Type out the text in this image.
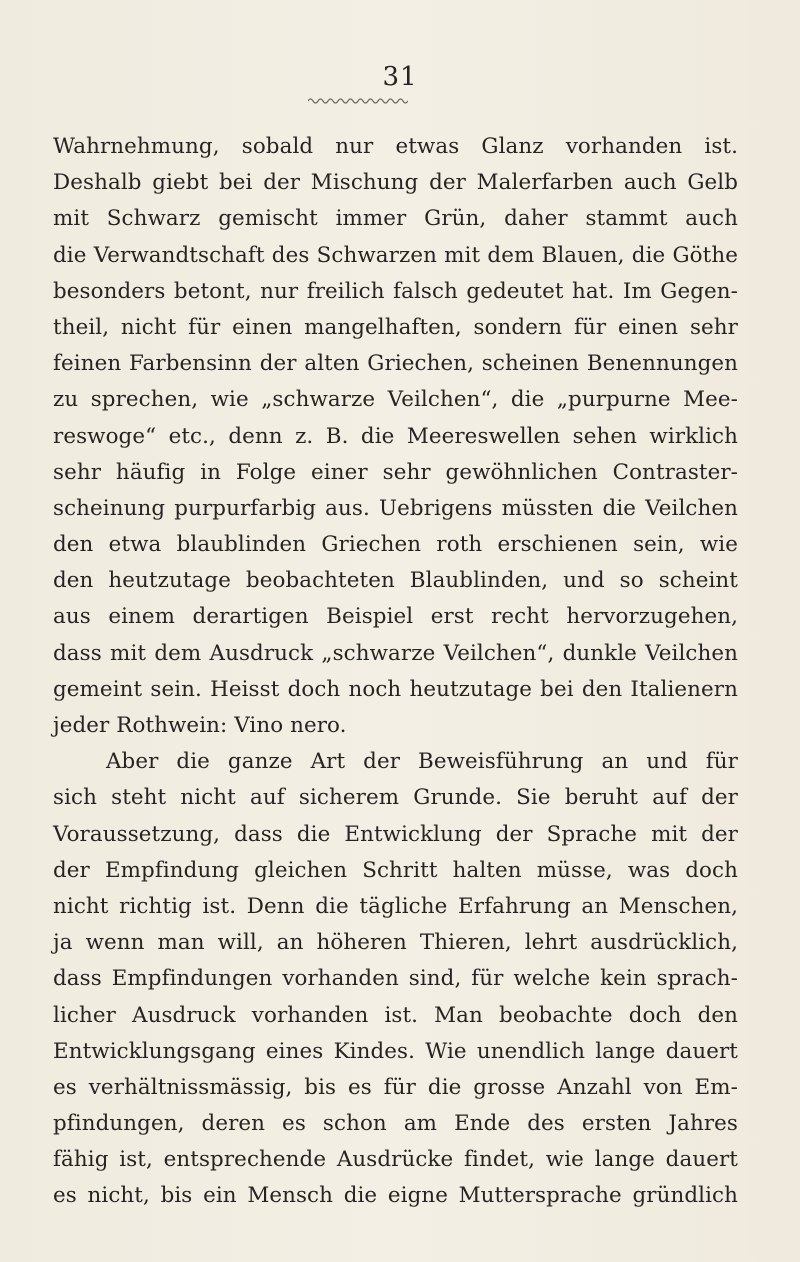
31
Wahrnehmung, sobald nur etwas Glanz vorhanden ist.
Deshalb giebt bei der Mischung der Malerfarben auch Gelb
mit Schwarz gemischt immer Grün, daher stammt auch
die Verwandtschaft des Schwarzen mit dem Blauen, die Göthe
besonders betont, nur freilich falsch gedeutet hat. Im Gegen-
theil, nicht für einen mangelhaften, sondern für einen sehr
feinen Farbensinn der alten Griechen, scheinen Benennungen
zu sprechen, wie „schwarze Veilchen“, die „purpurne Mee-
reswoge“ etc., denn z. B. die Meereswellen sehen wirklich
sehr häufig in Folge einer sehr gewöhnlichen Contraster-
scheinung purpurfarbig aus. Uebrigens müssten die Veilchen
den etwa blaublinden Griechen roth erschienen sein, wie
den heutzutage beobachteten Blaublinden, und so scheint
aus einem derartigen Beispiel erst recht hervorzugehen,
dass mit dem Ausdruck „schwarze Veilchen“, dunkle Veilchen
gemeint sein. Heisst doch noch heutzutage bei den Italienern
jeder Rothwein: Vino nero.
Aber die ganze Art der Beweisführung an und für
sich steht nicht auf sicherem Grunde. Sie beruht auf der
Voraussetzung, dass die Entwicklung der Sprache mit der
der Empfindung gleichen Schritt halten müsse, was doch
nicht richtig ist. Denn die tägliche Erfahrung an Menschen,
ja wenn man will, an höheren Thieren, lehrt ausdrücklich,
dass Empfindungen vorhanden sind, für welche kein sprach-
licher Ausdruck vorhanden ist. Man beobachte doch den
Entwicklungsgang eines Kindes. Wie unendlich lange dauert
es verhältnissmässig, bis es für die grosse Anzahl von Em-
pfindungen, deren es schon am Ende des ersten Jahres
fähig ist, entsprechende Ausdrücke findet, wie lange dauert
es nicht, bis ein Mensch die eigne Muttersprache gründlich
